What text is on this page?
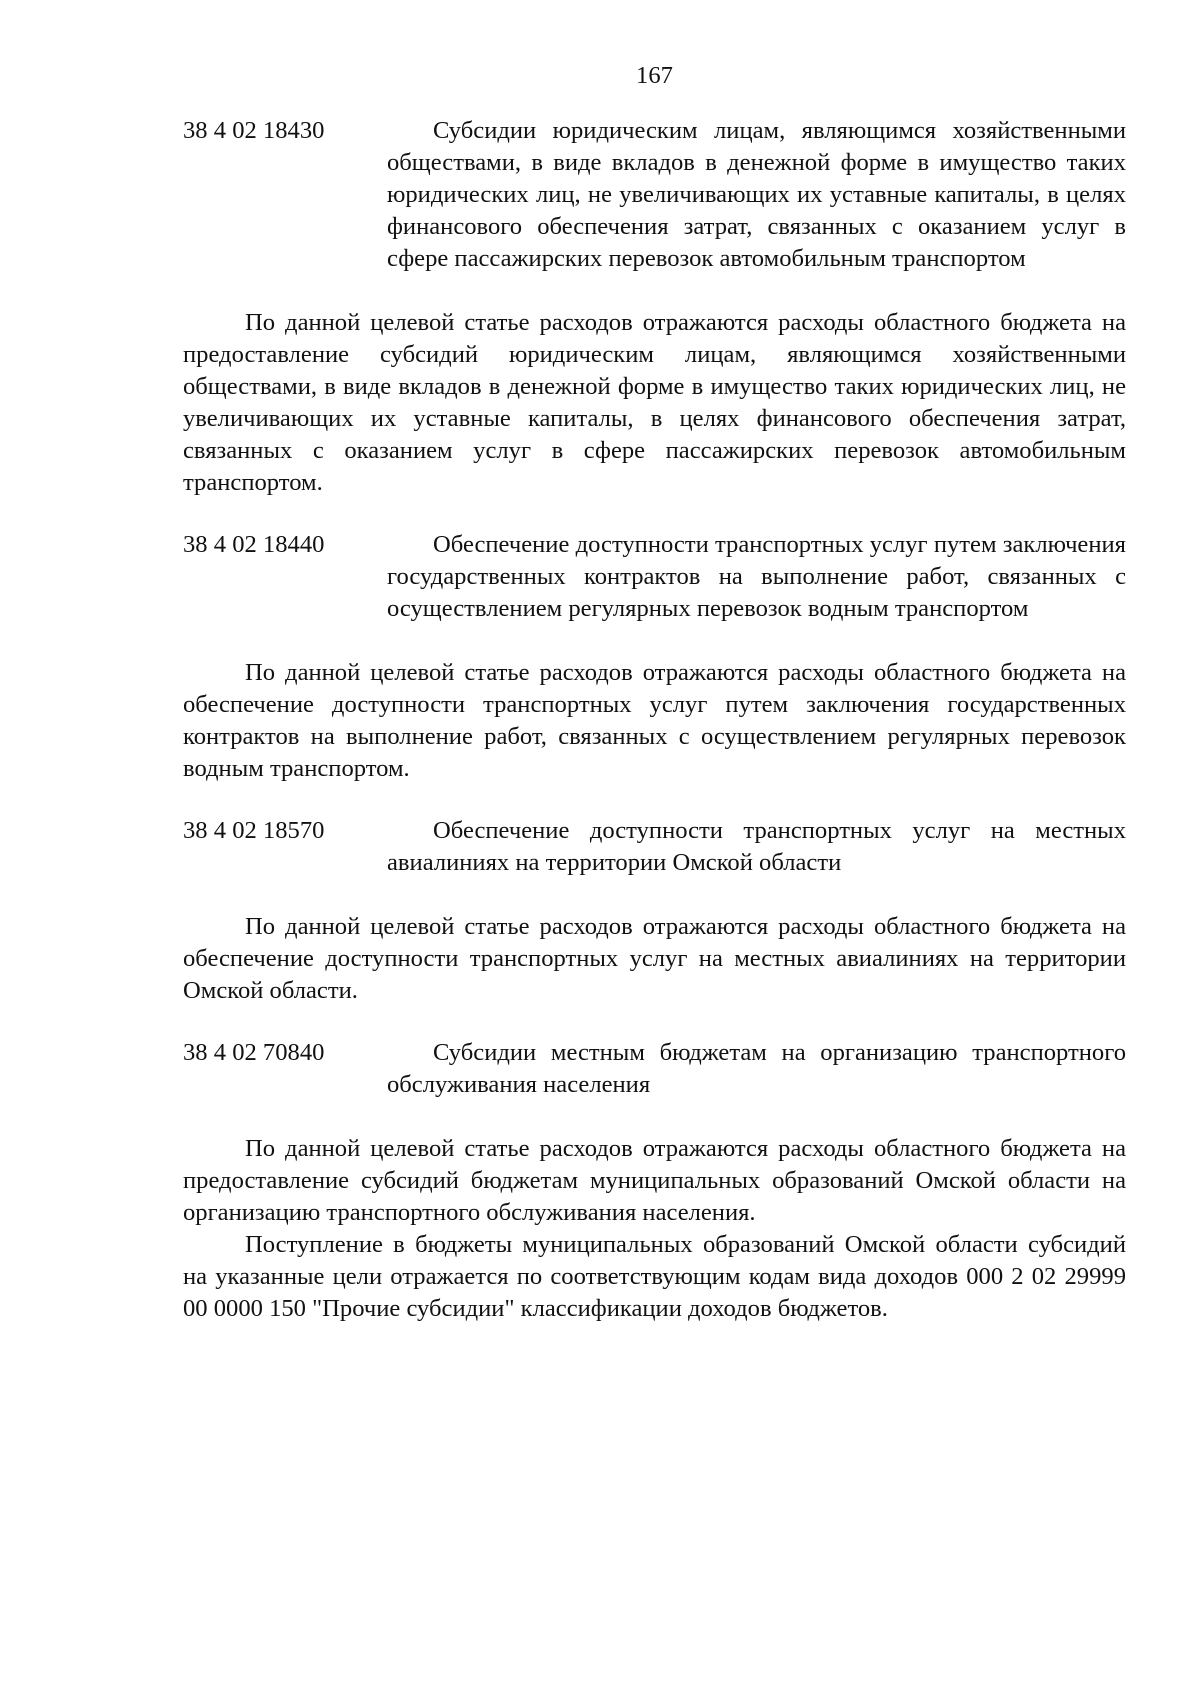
167
38 4 02 18430	Субсидии юридическим лицам, являющимся хозяйственными обществами, в виде вкладов в денежной форме в имущество таких юридических лиц, не увеличивающих их уставные капиталы, в целях финансового обеспечения затрат, связанных с оказанием услуг в сфере пассажирских перевозок автомобильным транспортом

По данной целевой статье расходов отражаются расходы областного бюджета на предоставление субсидий юридическим лицам, являющимся хозяйственными обществами, в виде вкладов в денежной форме в имущество таких юридических лиц, не увеличивающих их уставные капиталы, в целях финансового обеспечения затрат, связанных с оказанием услуг в сфере пассажирских перевозок автомобильным транспортом.

38 4 02 18440	Обеспечение доступности транспортных услуг путем заключения государственных контрактов на выполнение работ, связанных с осуществлением регулярных перевозок водным транспортом

По данной целевой статье расходов отражаются расходы областного бюджета на обеспечение доступности транспортных услуг путем заключения государственных контрактов на выполнение работ, связанных с осуществлением регулярных перевозок водным транспортом.

38 4 02 18570	Обеспечение доступности транспортных услуг на местных авиалиниях на территории Омской области

По данной целевой статье расходов отражаются расходы областного бюджета на обеспечение доступности транспортных услуг на местных авиалиниях на территории Омской области.

38 4 02 70840	Субсидии местным бюджетам на организацию транспортного обслуживания населения

По данной целевой статье расходов отражаются расходы областного бюджета на предоставление субсидий бюджетам муниципальных образований Омской области на организацию транспортного обслуживания населения.

Поступление в бюджеты муниципальных образований Омской области субсидий на указанные цели отражается по соответствующим кодам вида доходов 000 2 02 29999 00 0000 150 "Прочие субсидии" классификации доходов бюджетов.
